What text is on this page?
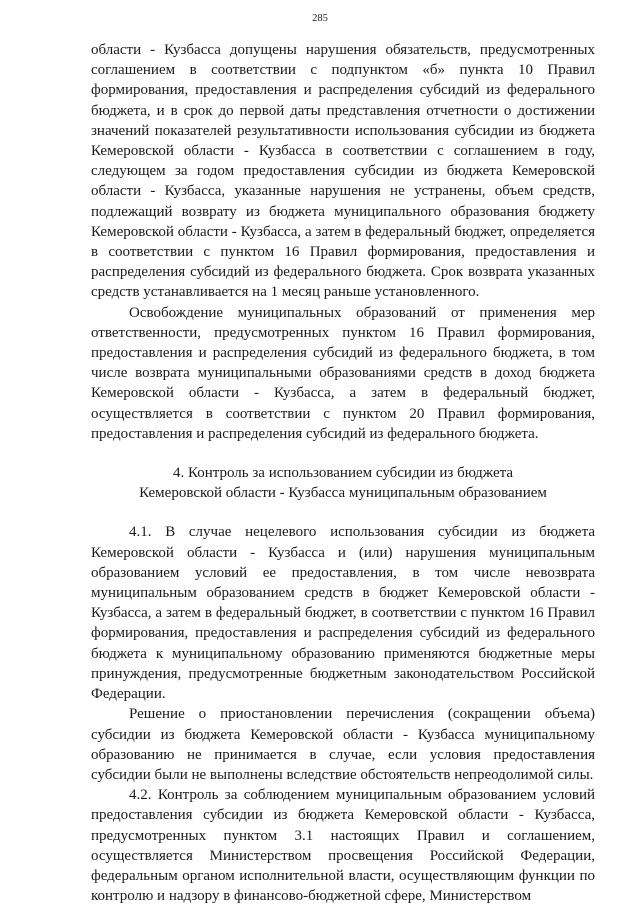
285

области - Кузбасса допущены нарушения обязательств, предусмотренных соглашением в соответствии с подпунктом «б» пункта 10 Правил формирования, предоставления и распределения субсидий из федерального бюджета, и в срок до первой даты представления отчетности о достижении значений показателей результативности использования субсидии из бюджета Кемеровской области - Кузбасса в соответствии с соглашением в году, следующем за годом предоставления субсидии из бюджета Кемеровской области - Кузбасса, указанные нарушения не устранены, объем средств, подлежащий возврату из бюджета муниципального образования бюджету Кемеровской области - Кузбасса, а затем в федеральный бюджет, определяется в соответствии с пунктом 16 Правил формирования, предоставления и распределения субсидий из федерального бюджета. Срок возврата указанных средств устанавливается на 1 месяц раньше установленного.

Освобождение муниципальных образований от применения мер ответственности, предусмотренных пунктом 16 Правил формирования, предоставления и распределения субсидий из федерального бюджета, в том числе возврата муниципальными образованиями средств в доход бюджета Кемеровской области - Кузбасса, а затем в федеральный бюджет, осуществляется в соответствии с пунктом 20 Правил формирования, предоставления и распределения субсидий из федерального бюджета.

4. Контроль за использованием субсидии из бюджета
Кемеровской области - Кузбасса муниципальным образованием

4.1. В случае нецелевого использования субсидии из бюджета Кемеровской области - Кузбасса и (или) нарушения муниципальным образованием условий ее предоставления, в том числе невозврата муниципальным образованием средств в бюджет Кемеровской области - Кузбасса, а затем в федеральный бюджет, в соответствии с пунктом 16 Правил формирования, предоставления и распределения субсидий из федерального бюджета к муниципальному образованию применяются бюджетные меры принуждения, предусмотренные бюджетным законодательством Российской Федерации.

Решение о приостановлении перечисления (сокращении объема) субсидии из бюджета Кемеровской области - Кузбасса муниципальному образованию не принимается в случае, если условия предоставления субсидии были не выполнены вследствие обстоятельств непреодолимой силы.

4.2. Контроль за соблюдением муниципальным образованием условий предоставления субсидии из бюджета Кемеровской области - Кузбасса, предусмотренных пунктом 3.1 настоящих Правил и соглашением, осуществляется Министерством просвещения Российской Федерации, федеральным органом исполнительной власти, осуществляющим функции по контролю и надзору в финансово-бюджетной сфере, Министерством
